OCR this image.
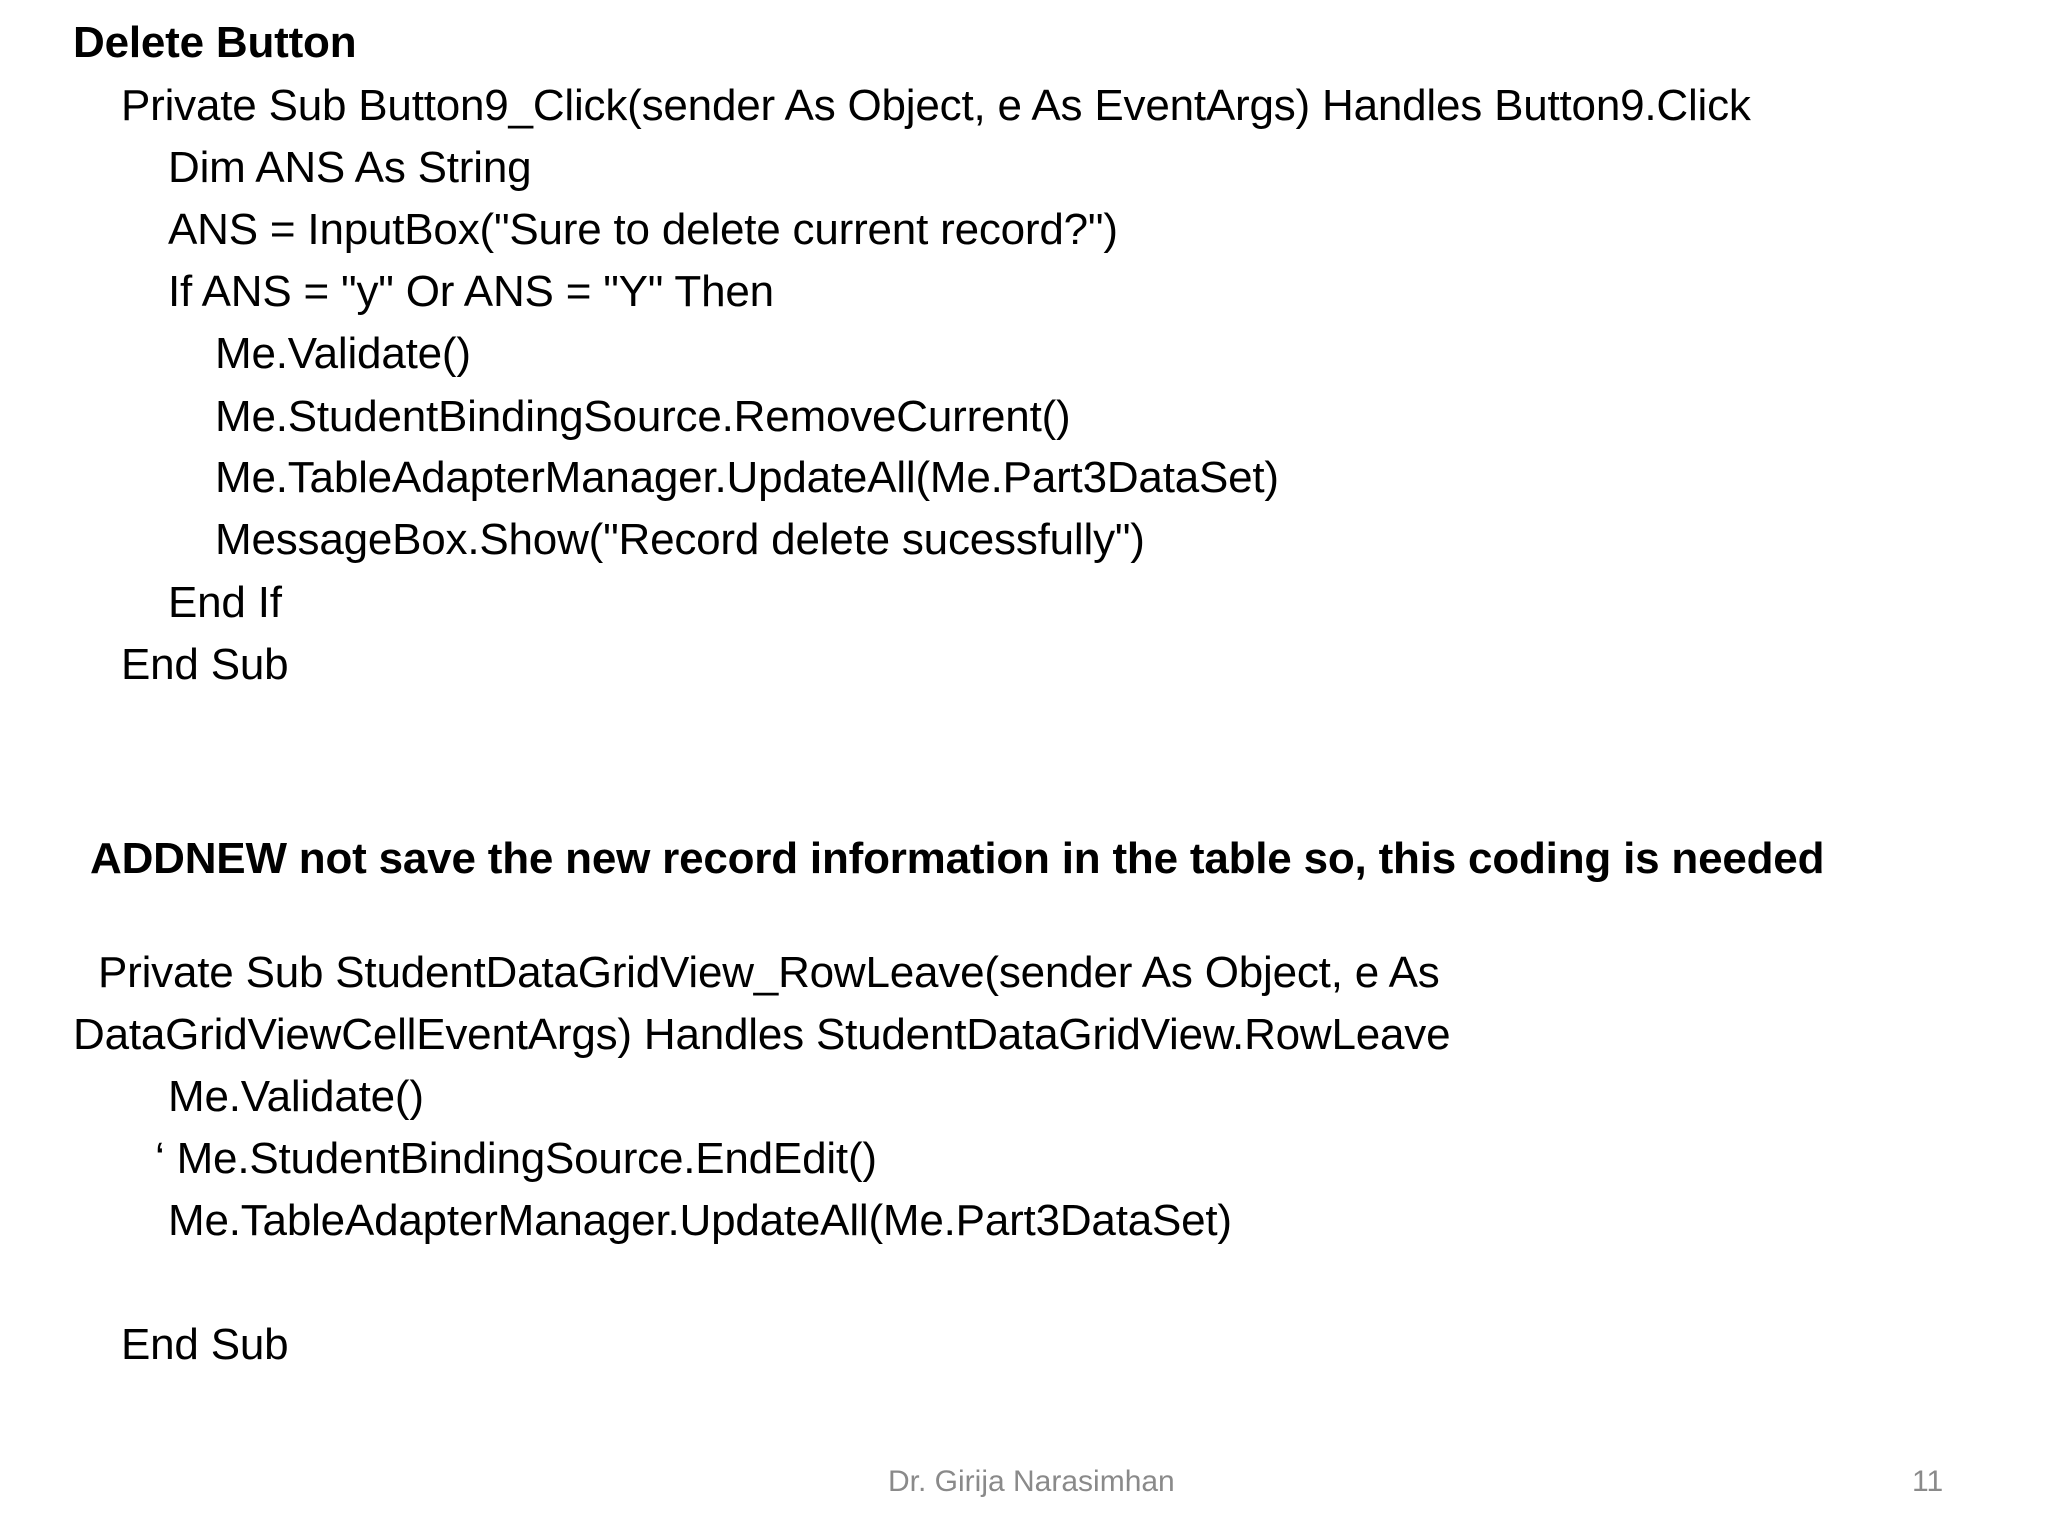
Delete Button
Private Sub Button9_Click(sender As Object, e As EventArgs) Handles Button9.Click
Dim ANS As String
ANS = InputBox("Sure to delete current record?")
If ANS = "y" Or ANS = "Y" Then
Me.Validate()
Me.StudentBindingSource.RemoveCurrent()
Me.TableAdapterManager.UpdateAll(Me.Part3DataSet)
MessageBox.Show("Record delete sucessfully")
End If
End Sub
ADDNEW not save the new record information in the table so, this coding is needed
Private Sub StudentDataGridView_RowLeave(sender As Object, e As
DataGridViewCellEventArgs) Handles StudentDataGridView.RowLeave
Me.Validate()
‘ Me.StudentBindingSource.EndEdit()
Me.TableAdapterManager.UpdateAll(Me.Part3DataSet)
End Sub
Dr. Girija Narasimhan	11
